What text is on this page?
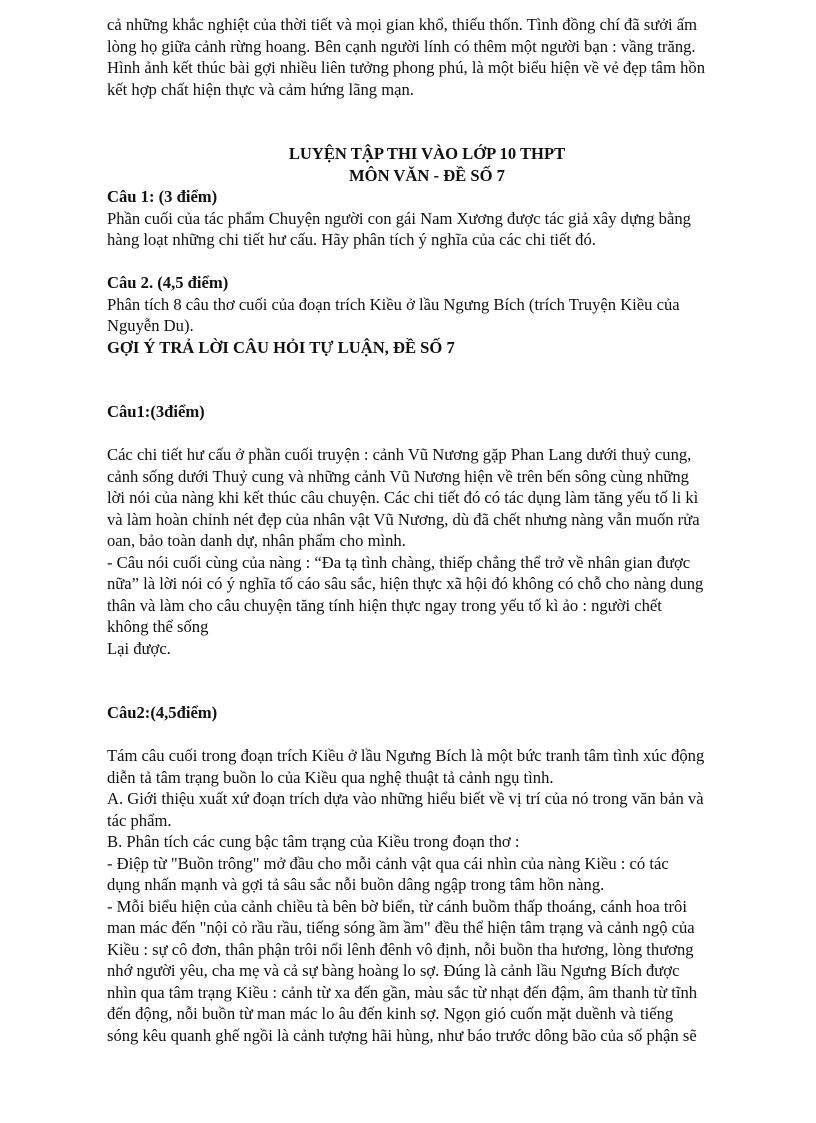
cả những khắc nghiệt của thời tiết và mọi gian khổ, thiếu thốn. Tình đồng chí đã sưởi ấm
lòng họ giữa cảnh rừng hoang. Bên cạnh người lính có thêm một người bạn : vầng trăng.
Hình ảnh kết thúc bài gợi nhiều liên tưởng phong phú, là một biểu hiện về vẻ đẹp tâm hồn
kết hợp chất hiện thực và cảm hứng lãng mạn.
LUYỆN TẬP THI VÀO LỚP 10 THPT
MÔN VĂN - ĐỀ SỐ 7
Câu 1: (3 điểm)
Phần cuối của tác phẩm Chuyện người con gái Nam Xương được tác giả xây dựng bằng
hàng loạt những chi tiết hư cấu. Hãy phân tích ý nghĩa của các chi tiết đó.
Câu 2. (4,5 điểm)
Phân tích 8 câu thơ cuối của đoạn trích Kiều ở lầu Ngưng Bích (trích Truyện Kiều của
Nguyễn Du).
GỢI Ý TRẢ LỜI CÂU HỎI TỰ LUẬN, ĐỀ SỐ 7
Câu1:(3điểm)
Các chi tiết hư cấu ở phần cuối truyện : cảnh Vũ Nương gặp Phan Lang dưới thuỷ cung,
cảnh sống dưới Thuỷ cung và những cảnh Vũ Nương hiện về trên bến sông cùng những
lời nói của nàng khi kết thúc câu chuyện. Các chi tiết đó có tác dụng làm tăng yếu tố li kì
và làm hoàn chỉnh nét đẹp của nhân vật Vũ Nương, dù đã chết nhưng nàng vẫn muốn rửa
oan, bảo toàn danh dự, nhân phẩm cho mình.
- Câu nói cuối cùng của nàng : “Đa tạ tình chàng, thiếp chẳng thể trở về nhân gian được
nữa” là lời nói có ý nghĩa tố cáo sâu sắc, hiện thực xã hội đó không có chỗ cho nàng dung
thân và làm cho câu chuyện tăng tính hiện thực ngay trong yếu tố kì ảo : người chết
không thể sống
Lại được.
Câu2:(4,5điểm)
Tám câu cuối trong đoạn trích Kiều ở lầu Ngưng Bích là một bức tranh tâm tình xúc động
diễn tả tâm trạng buồn lo của Kiều qua nghệ thuật tả cảnh ngụ tình.
A. Giới thiệu xuất xứ đoạn trích dựa vào những hiểu biết về vị trí của nó trong văn bản và
tác phẩm.
B. Phân tích các cung bậc tâm trạng của Kiều trong đoạn thơ :
- Điệp từ "Buồn trông" mở đầu cho mỗi cảnh vật qua cái nhìn của nàng Kiều : có tác
dụng nhấn mạnh và gợi tả sâu sắc nỗi buồn dâng ngập trong tâm hồn nàng.
- Mỗi biểu hiện của cảnh chiều tà bên bờ biển, từ cánh buồm thấp thoáng, cánh hoa trôi
man mác đến "nội cỏ rầu rầu, tiếng sóng ầm ầm" đều thể hiện tâm trạng và cảnh ngộ của
Kiều : sự cô đơn, thân phận trôi nổi lênh đênh vô định, nỗi buồn tha hương, lòng thương
nhớ người yêu, cha mẹ và cả sự bàng hoàng lo sợ. Đúng là cảnh lầu Ngưng Bích được
nhìn qua tâm trạng Kiều : cảnh từ xa đến gần, màu sắc từ nhạt đến đậm, âm thanh từ tĩnh
đến động, nỗi buồn từ man mác lo âu đến kinh sợ. Ngọn gió cuốn mặt duềnh và tiếng
sóng kêu quanh ghế ngồi là cảnh tượng hãi hùng, như báo trước dông bão của số phận sẽ
